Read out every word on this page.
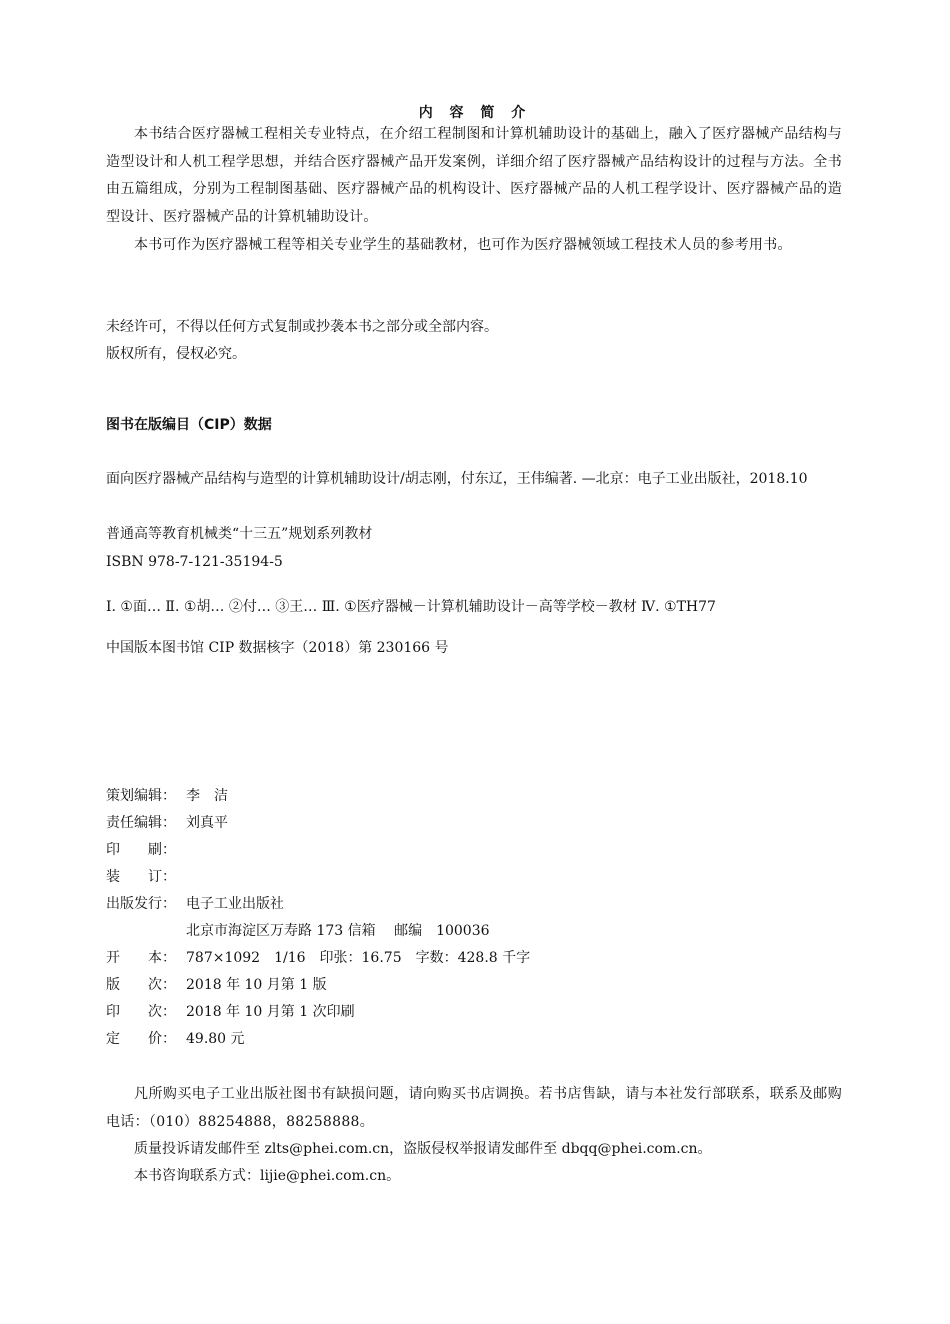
内 容 简 介

本书结合医疗器械工程相关专业特点，在介绍工程制图和计算机辅助设计的基础上，融入了医疗器械产品结构与造型设计和人机工程学思想，并结合医疗器械产品开发案例，详细介绍了医疗器械产品结构设计的过程与方法。全书由五篇组成，分别为工程制图基础、医疗器械产品的机构设计、医疗器械产品的人机工程学设计、医疗器械产品的造型设计、医疗器械产品的计算机辅助设计。

本书可作为医疗器械工程等相关专业学生的基础教材，也可作为医疗器械领域工程技术人员的参考用书。

未经许可，不得以任何方式复制或抄袭本书之部分或全部内容。

版权所有，侵权必究。

图书在版编目（CIP）数据

面向医疗器械产品结构与造型的计算机辅助设计/胡志刚，付东辽，王伟编著. —北京：电子工业出版社，2018.10

普通高等教育机械类“十三五”规划系列教材

ISBN 978-7-121-35194-5

Ⅰ. ①面… Ⅱ. ①胡… ②付… ③王… Ⅲ. ①医疗器械－计算机辅助设计－高等学校－教材 Ⅳ. ①TH77

中国版本图书馆 CIP 数据核字（2018）第 230166 号

策划编辑： 李　洁
责任编辑： 刘真平
印　　刷：
装　　订：
出版发行： 电子工业出版社
北京市海淀区万寿路 173 信箱　 邮编　100036
开　　本： 787×1092　1/16　印张：16.75　字数：428.8 千字
版　　次： 2018 年 10 月第 1 版
印　　次： 2018 年 10 月第 1 次印刷
定　　价： 49.80 元

凡所购买电子工业出版社图书有缺损问题，请向购买书店调换。若书店售缺，请与本社发行部联系，联系及邮购电话：（010）88254888，88258888。

质量投诉请发邮件至 zlts@phei.com.cn，盗版侵权举报请发邮件至 dbqq@phei.com.cn。

本书咨询联系方式：lijie@phei.com.cn。
